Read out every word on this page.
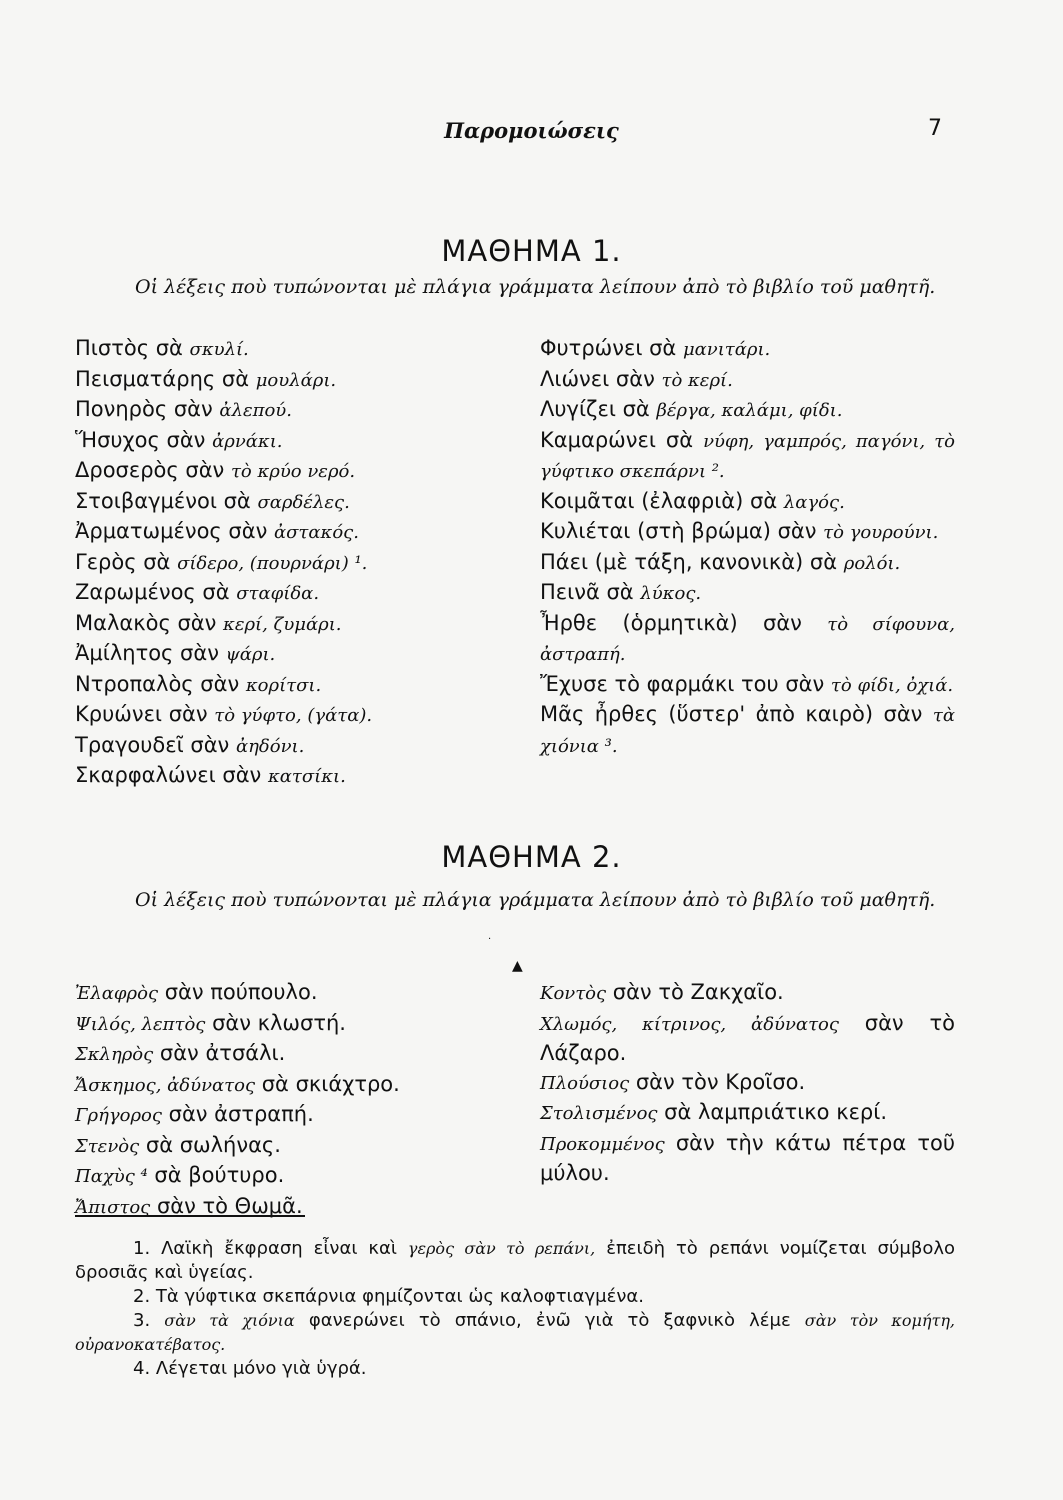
Παρομοιώσεις	7
ΜΑΘΗΜΑ 1.
Οἱ λέξεις ποὺ τυπώνονται μὲ πλάγια γράμματα λείπουν ἀπὸ τὸ βιβλίο τοῦ μαθητῆ.
Πιστὸς σὰ σκυλί.
Πεισματάρης σὰ μουλάρι.
Πονηρὸς σὰν ἀλεπού.
Ἥσυχος σὰν ἀρνάκι.
Δροσερὸς σὰν τὸ κρύο νερό.
Στοιβαγμένοι σὰ σαρδέλες.
Ἀρματωμένος σὰν ἀστακός.
Γερὸς σὰ σίδερο, (πουρνάρι) ¹.
Ζαρωμένος σὰ σταφίδα.
Μαλακὸς σὰν κερί, ζυμάρι.
Ἀμίλητος σὰν ψάρι.
Ντροπαλὸς σὰν κορίτσι.
Κρυώνει σὰν τὸ γύφτο, (γάτα).
Τραγουδεῖ σὰν ἀηδόνι.
Σκαρφαλώνει σὰν κατσίκι.
Φυτρώνει σὰ μανιτάρι.
Λιώνει σὰν τὸ κερί.
Λυγίζει σὰ βέργα, καλάμι, φίδι.
Καμαρώνει σὰ νύφη, γαμπρός, παγόνι, τὸ γύφτικο σκεπάρνι ².
Κοιμᾶται (ἐλαφριὰ) σὰ λαγός.
Κυλιέται (στὴ βρώμα) σὰν τὸ γουρούνι.
Πάει (μὲ τάξη, κανονικὰ) σὰ ρολόι.
Πεινᾶ σὰ λύκος.
Ἦρθε (ὁρμητικὰ) σὰν τὸ σίφουνα, ἀστραπή.
Ἔχυσε τὸ φαρμάκι του σὰν τὸ φίδι, ὀχιά.
Μᾶς ἦρθες (ὕστερ' ἀπὸ καιρὸ) σὰν τὰ χιόνια ³.
ΜΑΘΗΜΑ 2.
Οἱ λέξεις ποὺ τυπώνονται μὲ πλάγια γράμματα λείπουν ἀπὸ τὸ βιβλίο τοῦ μαθητῆ.
·
▲
Ἐλαφρὸς σὰν πούπουλο.
Ψιλός, λεπτὸς σὰν κλωστή.
Σκληρὸς σὰν ἀτσάλι.
Ἄσκημος, ἀδύνατος σὰ σκιάχτρο.
Γρήγορος σὰν ἀστραπή.
Στενὸς σὰ σωλήνας.
Παχὺς ⁴ σὰ βούτυρο.
Ἄπιστος σὰν τὸ Θωμᾶ.
Κοντὸς σὰν τὸ Ζακχαῖο.
Χλωμός, κίτρινος, ἀδύνατος σὰν τὸ Λάζαρο.
Πλούσιος σὰν τὸν Κροῖσο.
Στολισμένος σὰ λαμπριάτικο κερί.
Προκομμένος σὰν τὴν κάτω πέτρα τοῦ μύλου.
1. Λαϊκὴ ἔκφραση εἶναι καὶ γερὸς σὰν τὸ ρεπάνι, ἐπειδὴ τὸ ρεπάνι νομίζεται σύμβολο δροσιᾶς καὶ ὑγείας.
2. Τὰ γύφτικα σκεπάρνια φημίζονται ὡς καλοφτιαγμένα.
3. σὰν τὰ χιόνια φανερώνει τὸ σπάνιο, ἐνῶ γιὰ τὸ ξαφνικὸ λέμε σὰν τὸν κομήτη, οὐρανοκατέβατος.
4. Λέγεται μόνο γιὰ ὑγρά.
